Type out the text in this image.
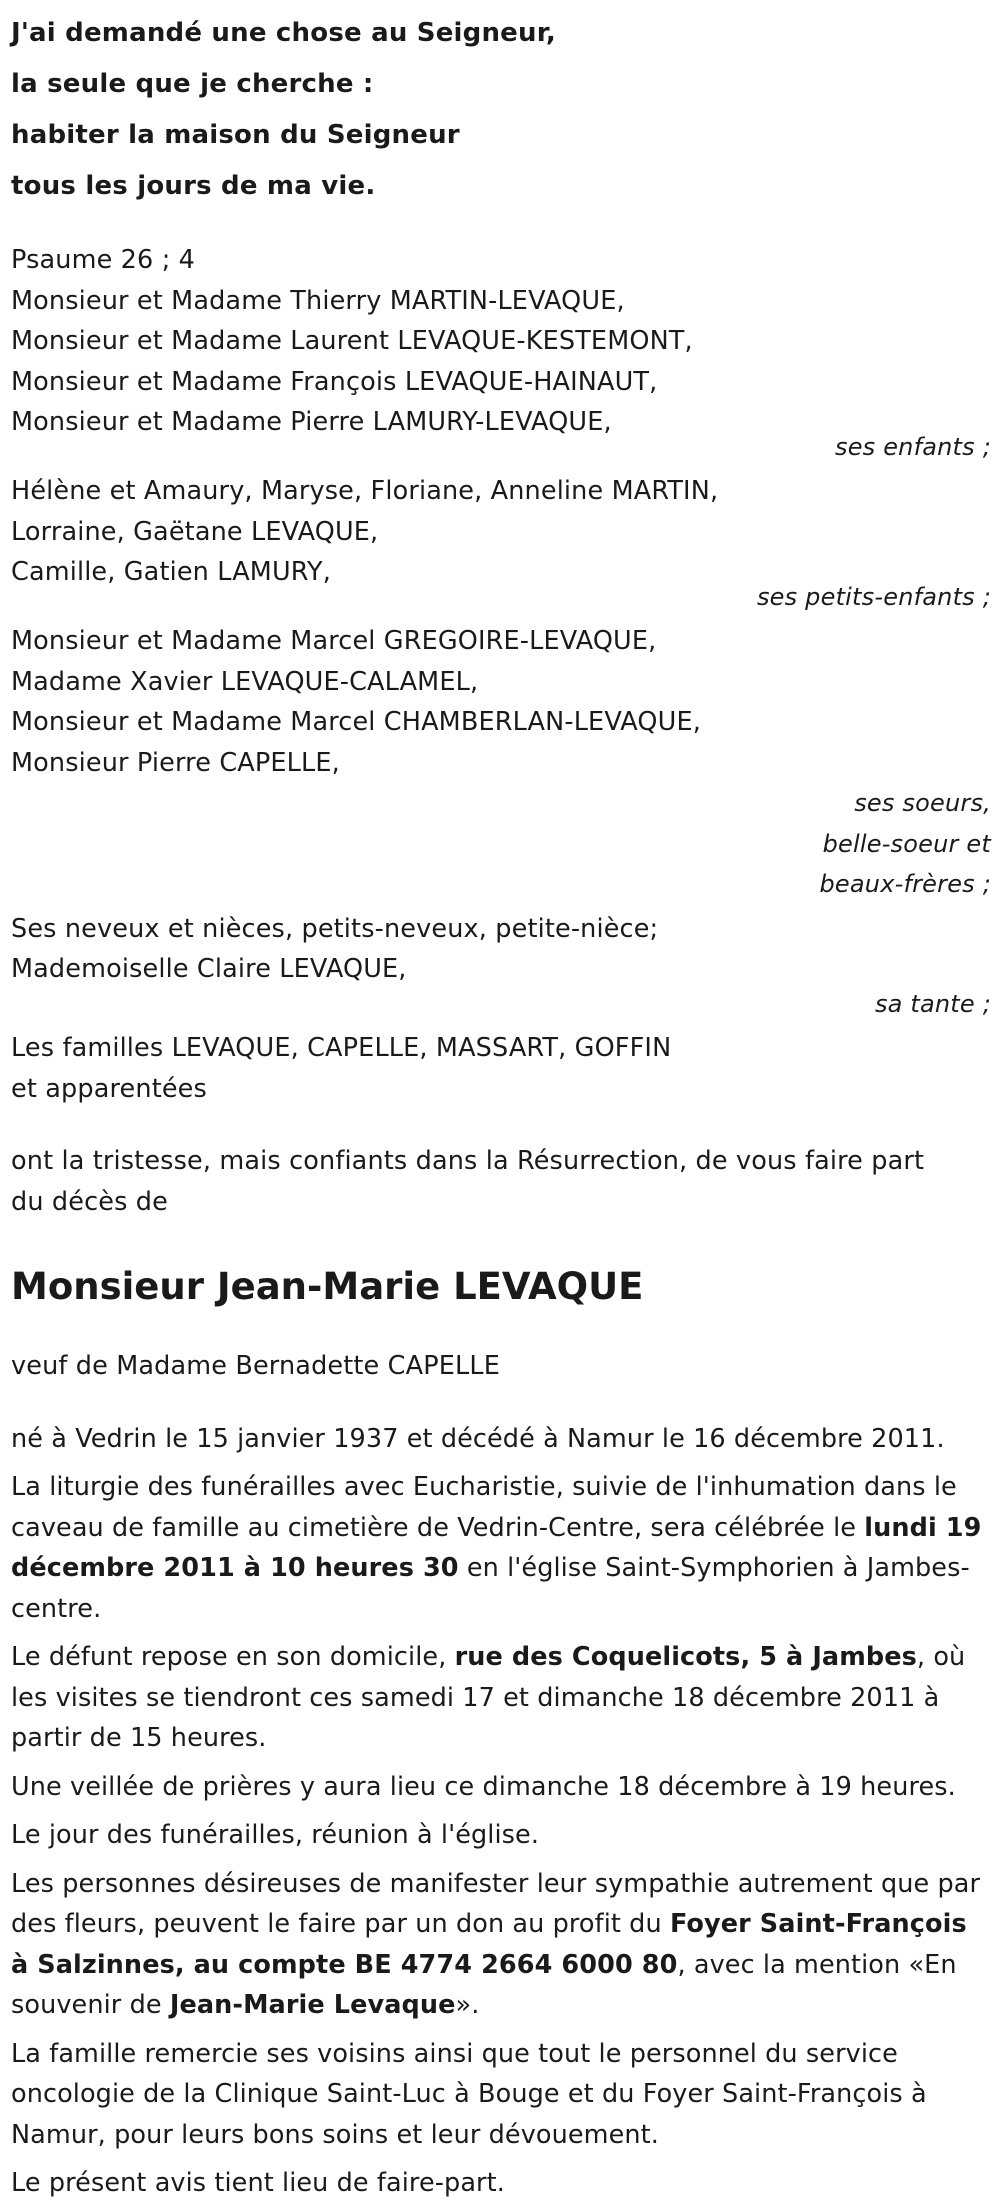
J'ai demandé une chose au Seigneur,

la seule que je cherche :

habiter la maison du Seigneur

tous les jours de ma vie.

Psaume 26 ; 4

Monsieur et Madame Thierry MARTIN-LEVAQUE,

Monsieur et Madame Laurent LEVAQUE-KESTEMONT,

Monsieur et Madame François LEVAQUE-HAINAUT,

Monsieur et Madame Pierre LAMURY-LEVAQUE,

ses enfants ;

Hélène et Amaury, Maryse, Floriane, Anneline MARTIN,

Lorraine, Gaëtane LEVAQUE,

Camille, Gatien LAMURY,

ses petits-enfants ;

Monsieur et Madame Marcel GREGOIRE-LEVAQUE,

Madame Xavier LEVAQUE-CALAMEL,

Monsieur et Madame Marcel CHAMBERLAN-LEVAQUE,

Monsieur Pierre CAPELLE,

ses soeurs,

belle-soeur et

beaux-frères ;

Ses neveux et nièces, petits-neveux, petite-nièce;

Mademoiselle Claire LEVAQUE,

sa tante ;

Les familles LEVAQUE, CAPELLE, MASSART, GOFFIN

et apparentées

ont la tristesse, mais confiants dans la Résurrection, de vous faire part

du décès de

Monsieur Jean-Marie LEVAQUE

veuf de Madame Bernadette CAPELLE

né à Vedrin le 15 janvier 1937 et décédé à Namur le 16 décembre 2011.

La liturgie des funérailles avec Eucharistie, suivie de l'inhumation dans le caveau de famille au cimetière de Vedrin-Centre, sera célébrée le lundi 19 décembre 2011 à 10 heures 30 en l'église Saint-Symphorien à Jambes-centre.

Le défunt repose en son domicile, rue des Coquelicots, 5 à Jambes, où les visites se tiendront ces samedi 17 et dimanche 18 décembre 2011 à partir de 15 heures.

Une veillée de prières y aura lieu ce dimanche 18 décembre à 19 heures.

Le jour des funérailles, réunion à l'église.

Les personnes désireuses de manifester leur sympathie autrement que par des fleurs, peuvent le faire par un don au profit du Foyer Saint-François à Salzinnes, au compte BE 4774 2664 6000 80, avec la mention «En souvenir de Jean-Marie Levaque».

La famille remercie ses voisins ainsi que tout le personnel du service oncologie de la Clinique Saint-Luc à Bouge et du Foyer Saint-François à Namur, pour leurs bons soins et leur dévouement.

Le présent avis tient lieu de faire-part.
